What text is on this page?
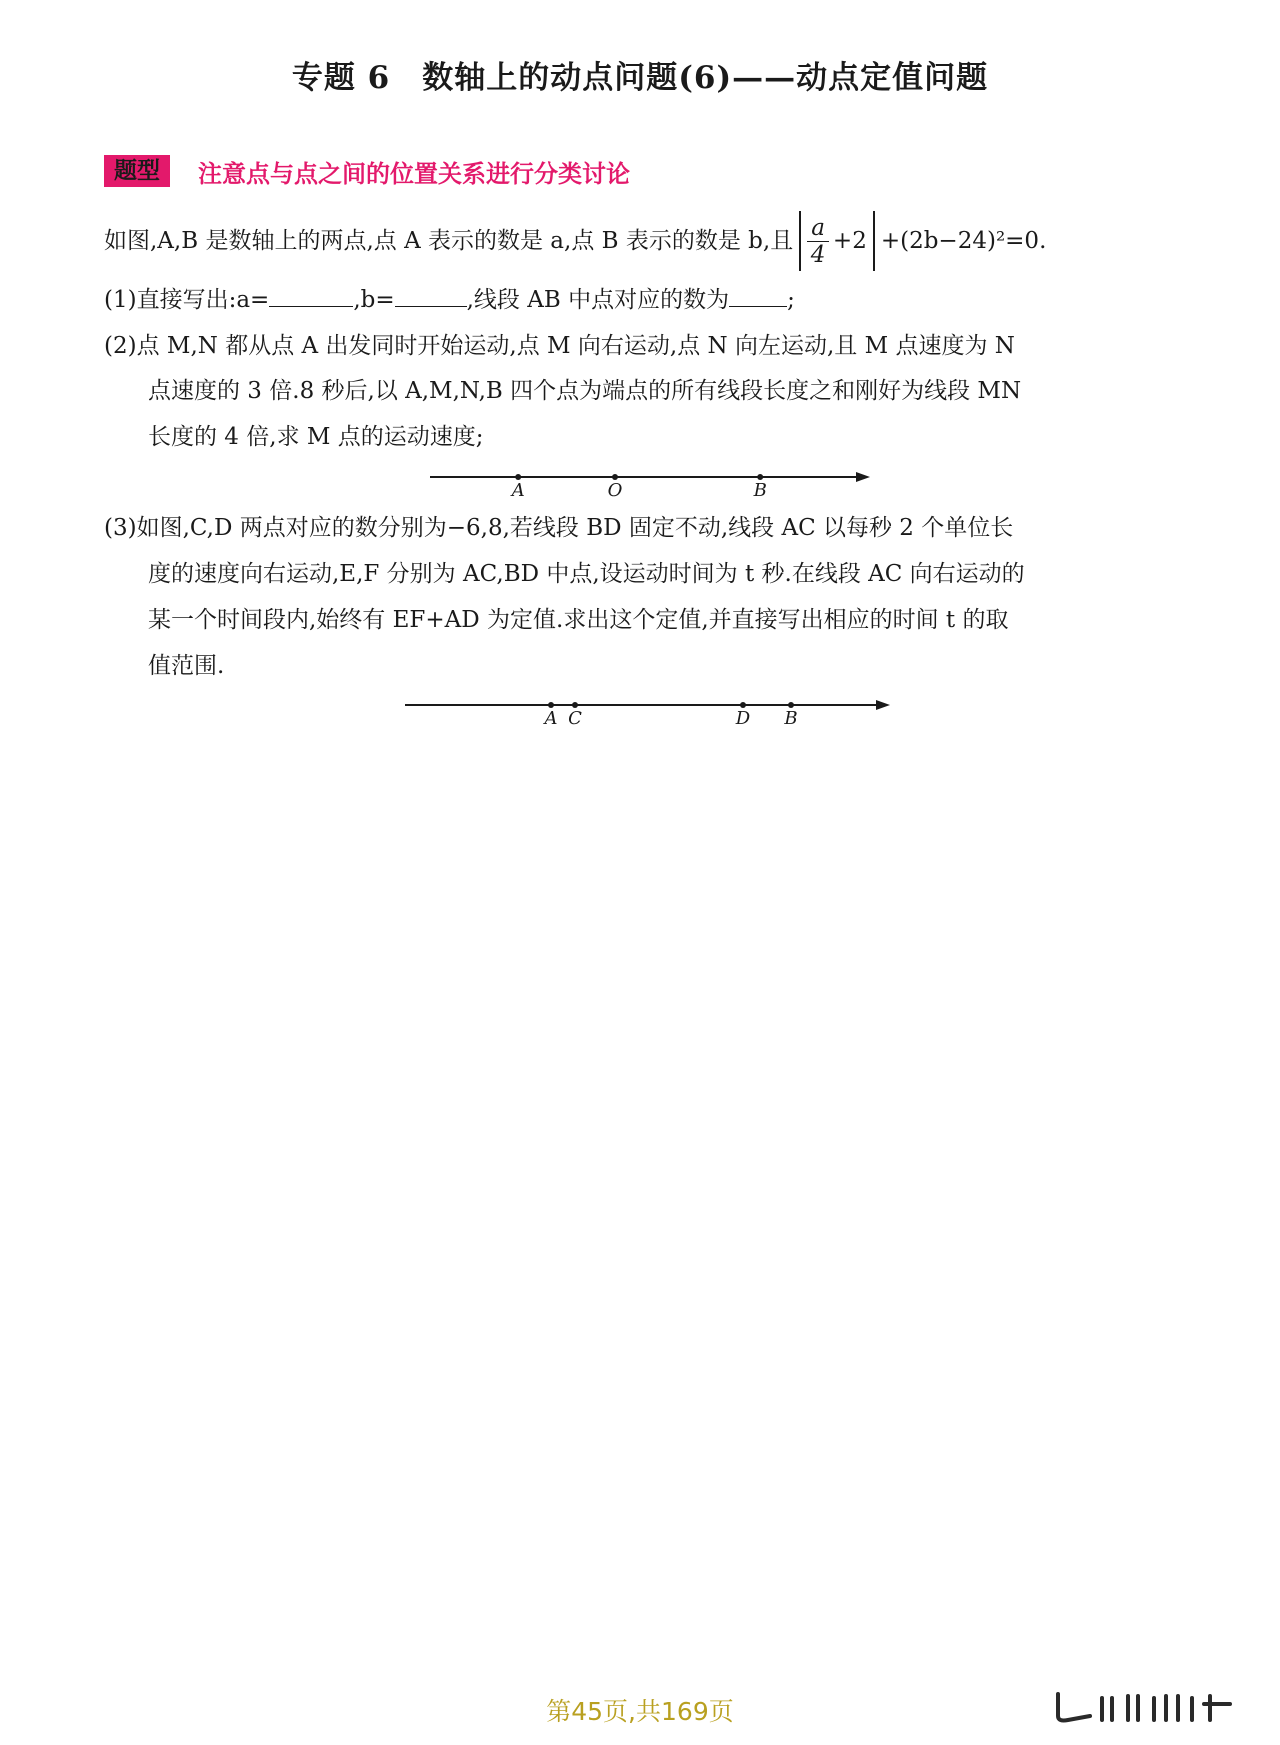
专题 6　数轴上的动点问题(6)——动点定值问题
题型	注意点与点之间的位置关系进行分类讨论
如图,A,B 是数轴上的两点,点 A 表示的数是 a,点 B 表示的数是 b,且 $\frac{a}{4} +2 +(2b-24)^2=0$.
(1)直接写出:a=	,b=	,线段 AB 中点对应的数为	;
(2)点 M,N 都从点 A 出发同时开始运动,点 M 向右运动,点 N 向左运动,且 M 点速度为 N
点速度的 3 倍.8 秒后,以 A,M,N,B 四个点为端点的所有线段长度之和刚好为线段 MN
长度的 4 倍,求 M 点的运动速度;
A	O	B
(3)如图,C,D 两点对应的数分别为−6,8,若线段 BD 固定不动,线段 AC 以每秒 2 个单位长
度的速度向右运动,E,F 分别为 AC,BD 中点,设运动时间为 t 秒.在线段 AC 向右运动的
某一个时间段内,始终有 EF+AD 为定值.求出这个定值,并直接写出相应的时间 t 的取
值范围.
A C	D B
第45页,共169页
